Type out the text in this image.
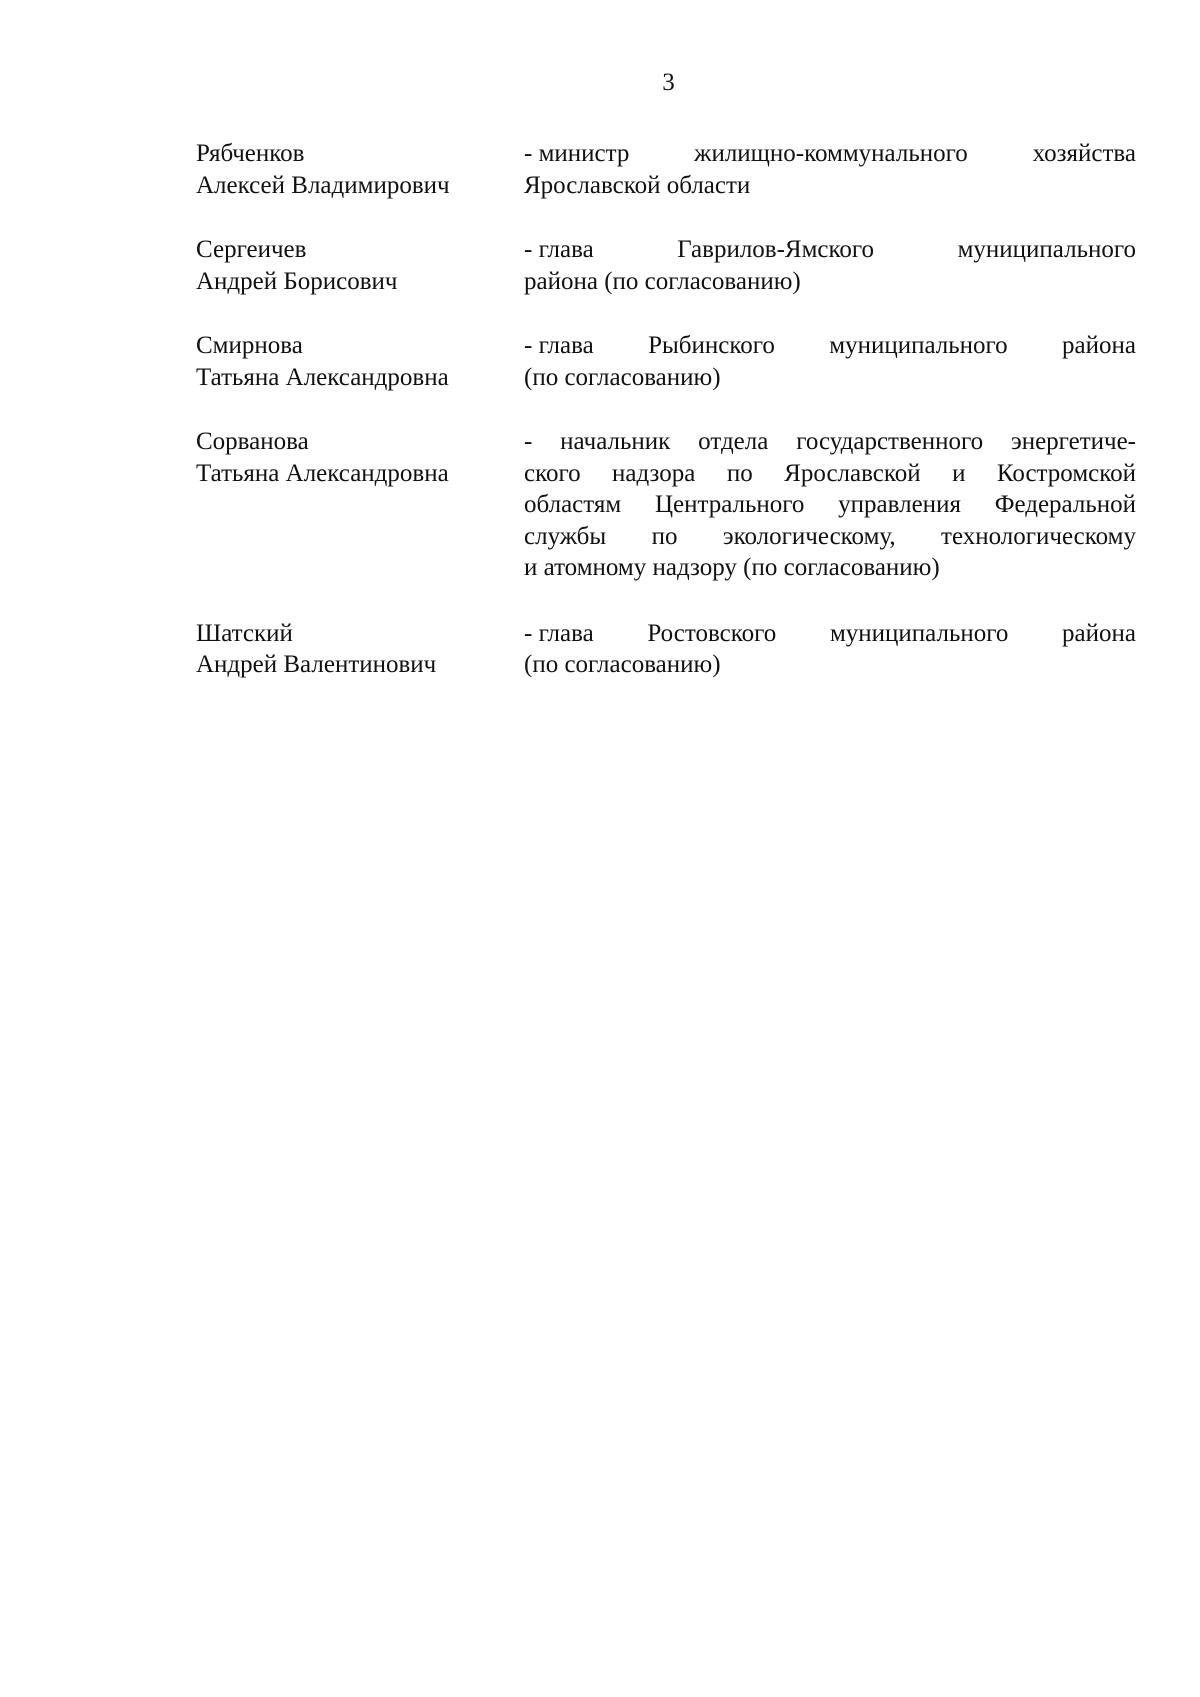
3
Рябченков
Алексей Владимирович
- министр	жилищно-коммунального	хозяйства
Ярославской области
Сергеичев
Андрей Борисович
- глава	Гаврилов-Ямского	муниципального
района (по согласованию)
Смирнова
Татьяна Александровна
- глава Рыбинского муниципального района
(по согласованию)
Сорванова
Татьяна Александровна
- начальник отдела государственного энергетиче-
ского надзора по Ярославской и Костромской
областям Центрального управления Федеральной
службы по экологическому, технологическому
и атомному надзору (по согласованию)
Шатский
Андрей Валентинович
- глава Ростовского муниципального района
(по согласованию)
